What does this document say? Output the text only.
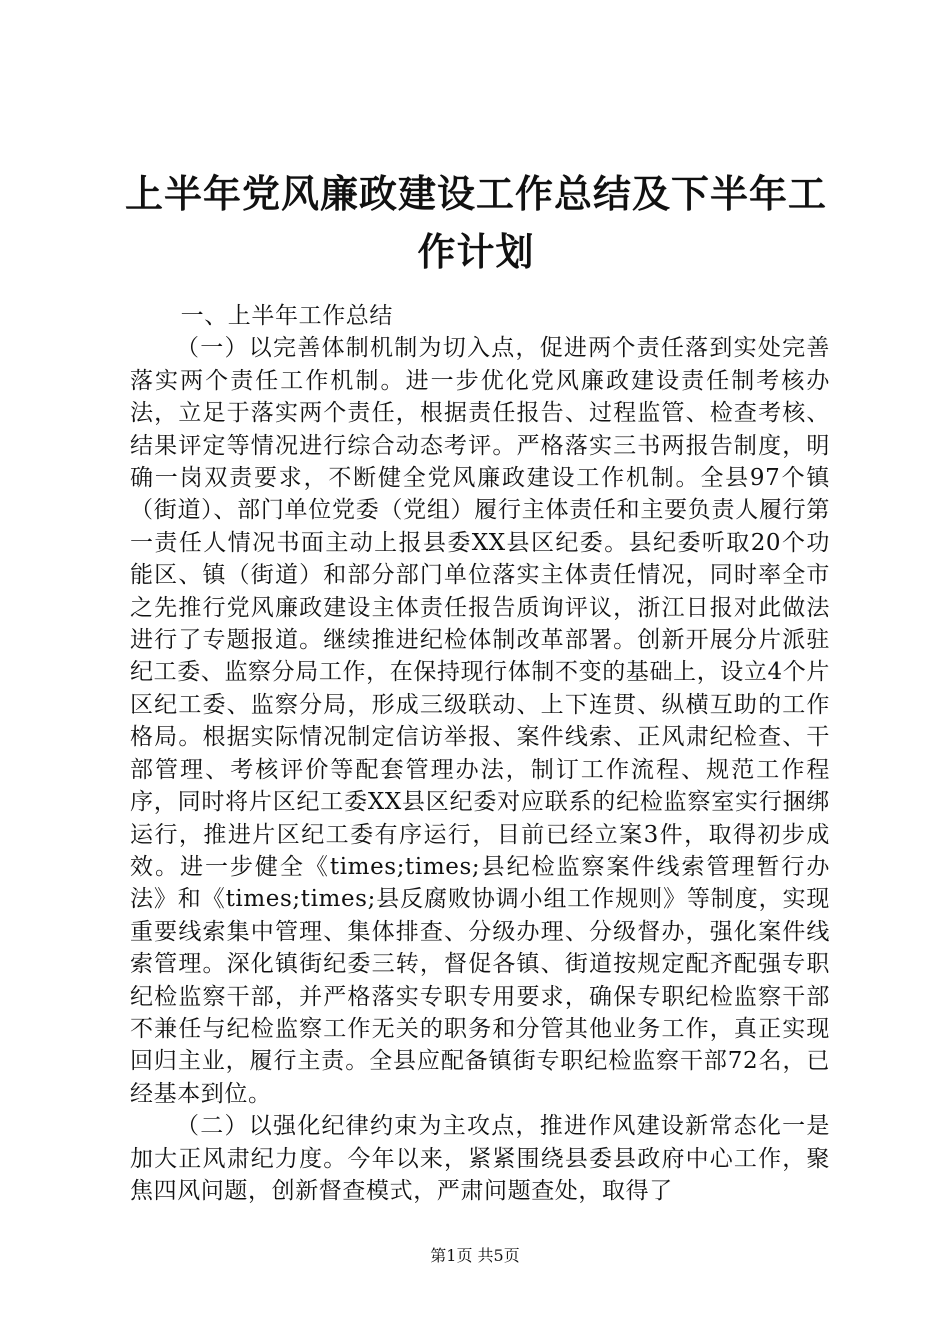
上半年党风廉政建设工作总结及下半年工作计划

一、上半年工作总结

（一）以完善体制机制为切入点，促进两个责任落到实处完善落实两个责任工作机制。进一步优化党风廉政建设责任制考核办法，立足于落实两个责任，根据责任报告、过程监管、检查考核、结果评定等情况进行综合动态考评。严格落实三书两报告制度，明确一岗双责要求，不断健全党风廉政建设工作机制。全县97个镇（街道）、部门单位党委（党组）履行主体责任和主要负责人履行第一责任人情况书面主动上报县委XX县区纪委。县纪委听取20个功能区、镇（街道）和部分部门单位落实主体责任情况，同时率全市之先推行党风廉政建设主体责任报告质询评议，浙江日报对此做法进行了专题报道。继续推进纪检体制改革部署。创新开展分片派驻纪工委、监察分局工作，在保持现行体制不变的基础上，设立4个片区纪工委、监察分局，形成三级联动、上下连贯、纵横互助的工作格局。根据实际情况制定信访举报、案件线索、正风肃纪检查、干部管理、考核评价等配套管理办法，制订工作流程、规范工作程序，同时将片区纪工委XX县区纪委对应联系的纪检监察室实行捆绑运行，推进片区纪工委有序运行，目前已经立案3件，取得初步成效。进一步健全《times;times;县纪检监察案件线索管理暂行办法》和《times;times;县反腐败协调小组工作规则》等制度，实现重要线索集中管理、集体排查、分级办理、分级督办，强化案件线索管理。深化镇街纪委三转，督促各镇、街道按规定配齐配强专职纪检监察干部，并严格落实专职专用要求，确保专职纪检监察干部不兼任与纪检监察工作无关的职务和分管其他业务工作，真正实现回归主业，履行主责。全县应配备镇街专职纪检监察干部72名，已经基本到位。

（二）以强化纪律约束为主攻点，推进作风建设新常态化一是加大正风肃纪力度。今年以来，紧紧围绕县委县政府中心工作，聚焦四风问题，创新督查模式，严肃问题查处，取得了

第1页 共5页
